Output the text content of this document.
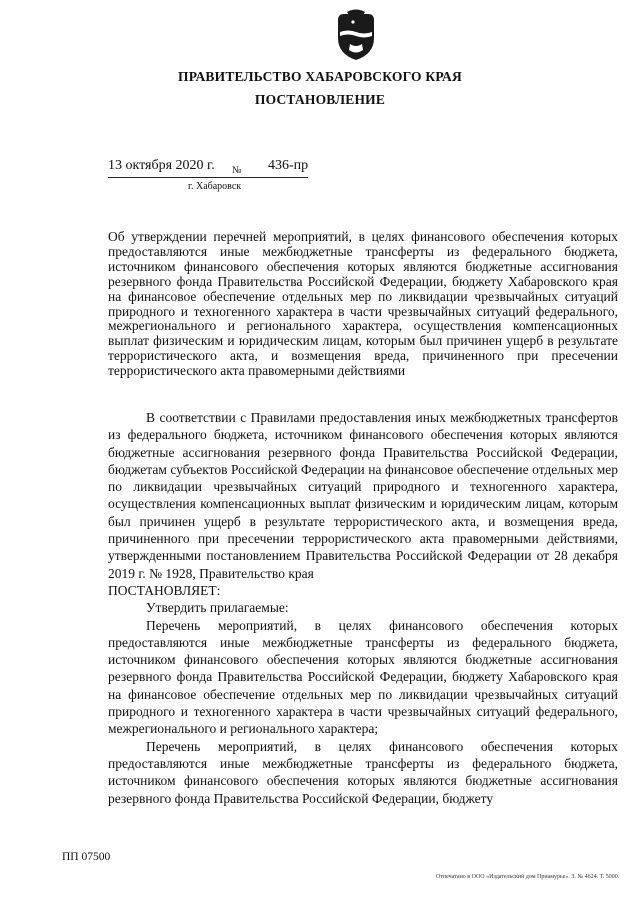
ПРАВИТЕЛЬСТВО ХАБАРОВСКОГО КРАЯ
ПОСТАНОВЛЕНИЕ
13 октября 2020 г. № 436-пр
г. Хабаровск
Об утверждении перечней мероприятий, в целях финансового обеспечения которых предоставляются иные межбюджетные трансферты из федерального бюджета, источником финансового обеспечения которых являются бюджетные ассигнования резервного фонда Правительства Российской Федерации, бюджету Хабаровского края на финансовое обеспечение отдельных мер по ликвидации чрезвычайных ситуаций природного и техногенного характера в части чрезвычайных ситуаций федерального, межрегионального и регионального характера, осуществления компенсационных выплат физическим и юридическим лицам, которым был причинен ущерб в результате террористического акта, и возмещения вреда, причиненного при пресечении террористического акта правомерными действиями

В соответствии с Правилами предоставления иных межбюджетных трансфертов из федерального бюджета, источником финансового обеспечения которых являются бюджетные ассигнования резервного фонда Правительства Российской Федерации, бюджетам субъектов Российской Федерации на финансовое обеспечение отдельных мер по ликвидации чрезвычайных ситуаций природного и техногенного характера, осуществления компенсационных выплат физическим и юридическим лицам, которым был причинен ущерб в результате террористического акта, и возмещения вреда, причиненного при пресечении террористического акта правомерными действиями, утвержденными постановлением Правительства Российской Федерации от 28 декабря 2019 г. № 1928, Правительство края

ПОСТАНОВЛЯЕТ:

Утвердить прилагаемые:

Перечень мероприятий, в целях финансового обеспечения которых предоставляются иные межбюджетные трансферты из федерального бюджета, источником финансового обеспечения которых являются бюджетные ассигнования резервного фонда Правительства Российской Федерации, бюджету Хабаровского края на финансовое обеспечение отдельных мер по ликвидации чрезвычайных ситуаций природного и техногенного характера в части чрезвычайных ситуаций федерального, межрегионального и регионального характера;

Перечень мероприятий, в целях финансового обеспечения которых предоставляются иные межбюджетные трансферты из федерального бюджета, источником финансового обеспечения которых являются бюджетные ассигнования резервного фонда Правительства Российской Федерации, бюджету

ПП 07500
Отпечатано в ООО «Издательский дом Приамурье». З. № 4624. Т. 5000.
